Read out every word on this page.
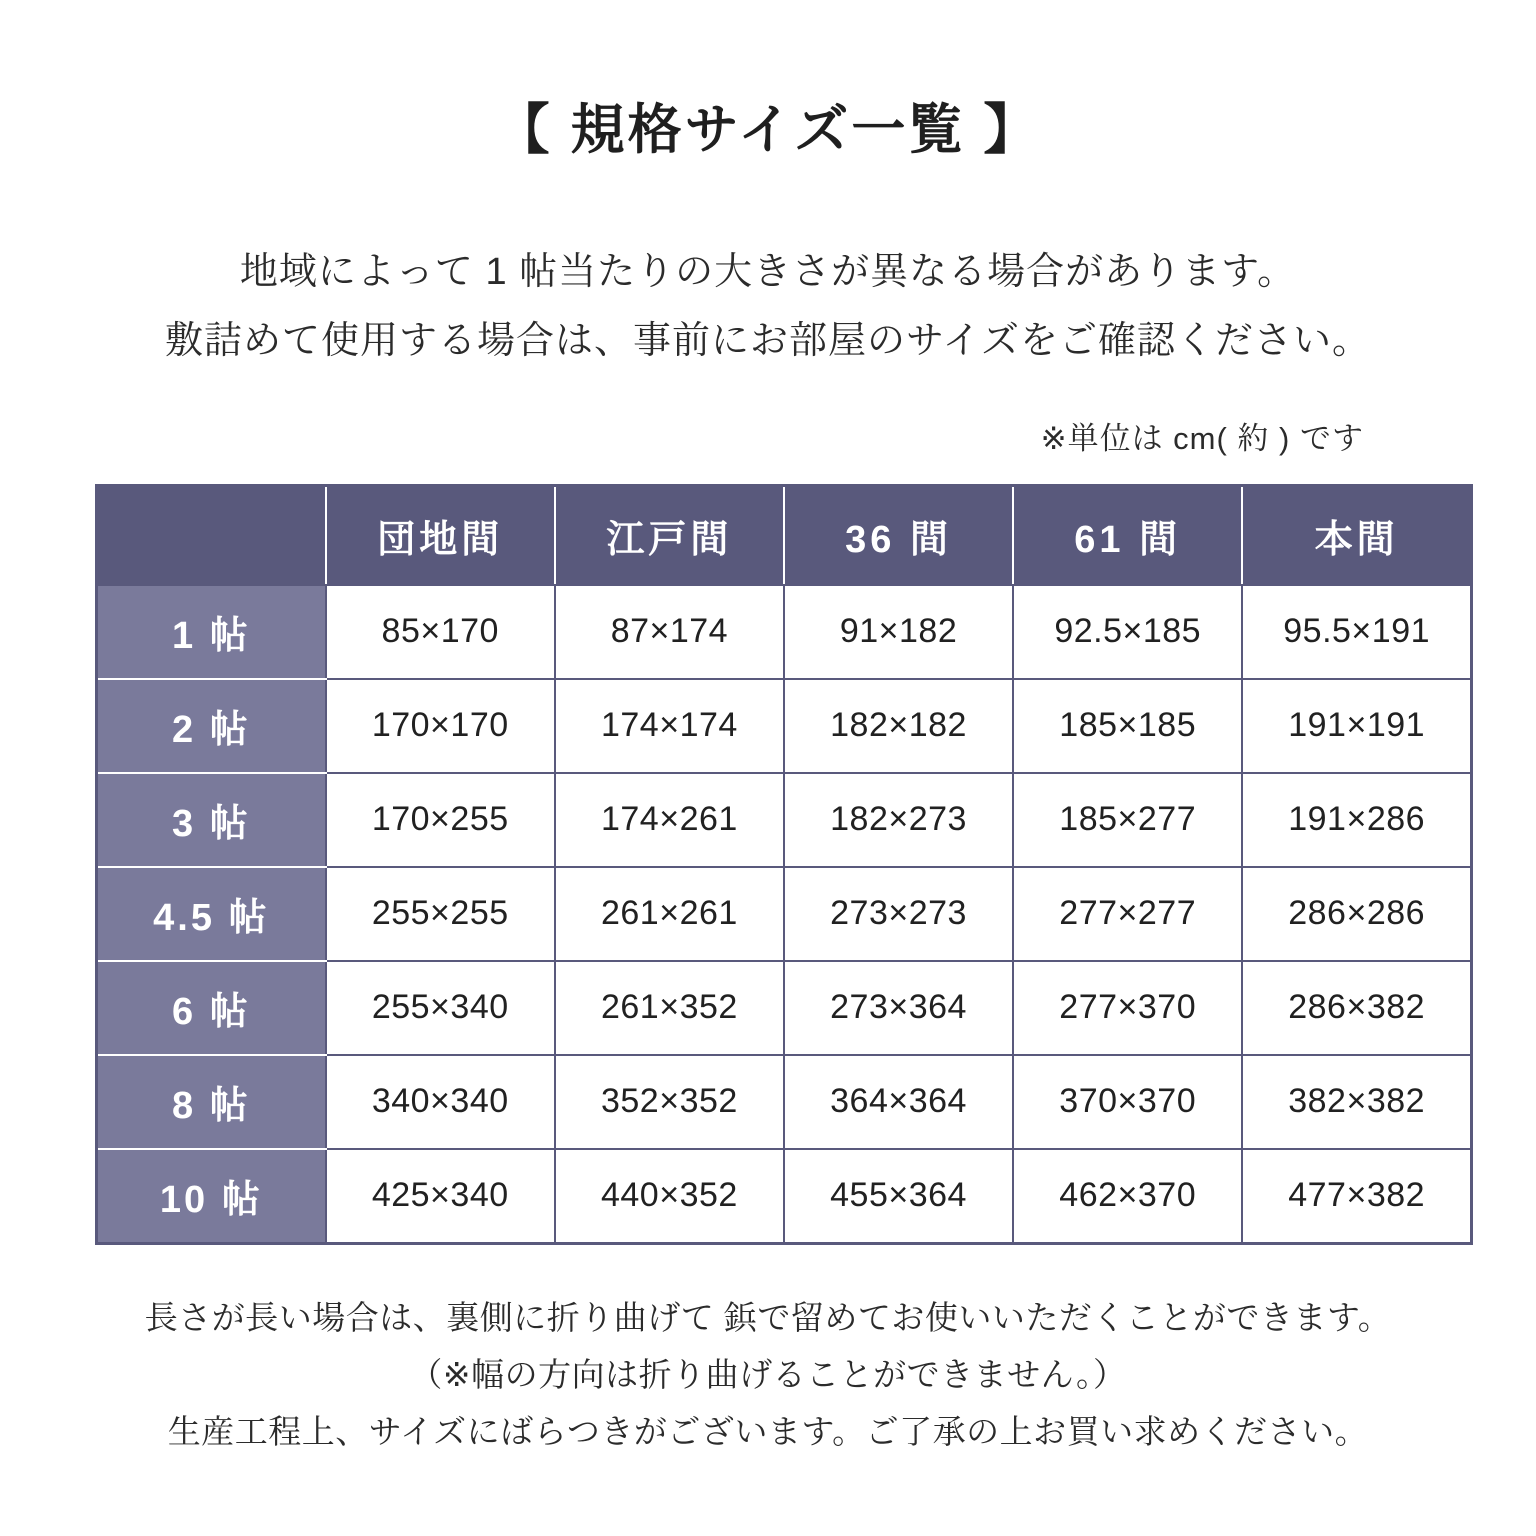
【 規格サイズ一覧 】
地域によって 1 帖当たりの大きさが異なる場合があります。
敷詰めて使用する場合は、事前にお部屋のサイズをご確認ください。
※単位は cm( 約 ) です
	団地間	江戸間	36 間	61 間	本間
1 帖	85×170	87×174	91×182	92.5×185	95.5×191
2 帖	170×170	174×174	182×182	185×185	191×191
3 帖	170×255	174×261	182×273	185×277	191×286
4.5 帖	255×255	261×261	273×273	277×277	286×286
6 帖	255×340	261×352	273×364	277×370	286×382
8 帖	340×340	352×352	364×364	370×370	382×382
10 帖	425×340	440×352	455×364	462×370	477×382
長さが長い場合は、裏側に折り曲げて 鋲で留めてお使いいただくことができます。
（※幅の方向は折り曲げることができません。）
生産工程上、サイズにばらつきがございます。ご了承の上お買い求めください。
